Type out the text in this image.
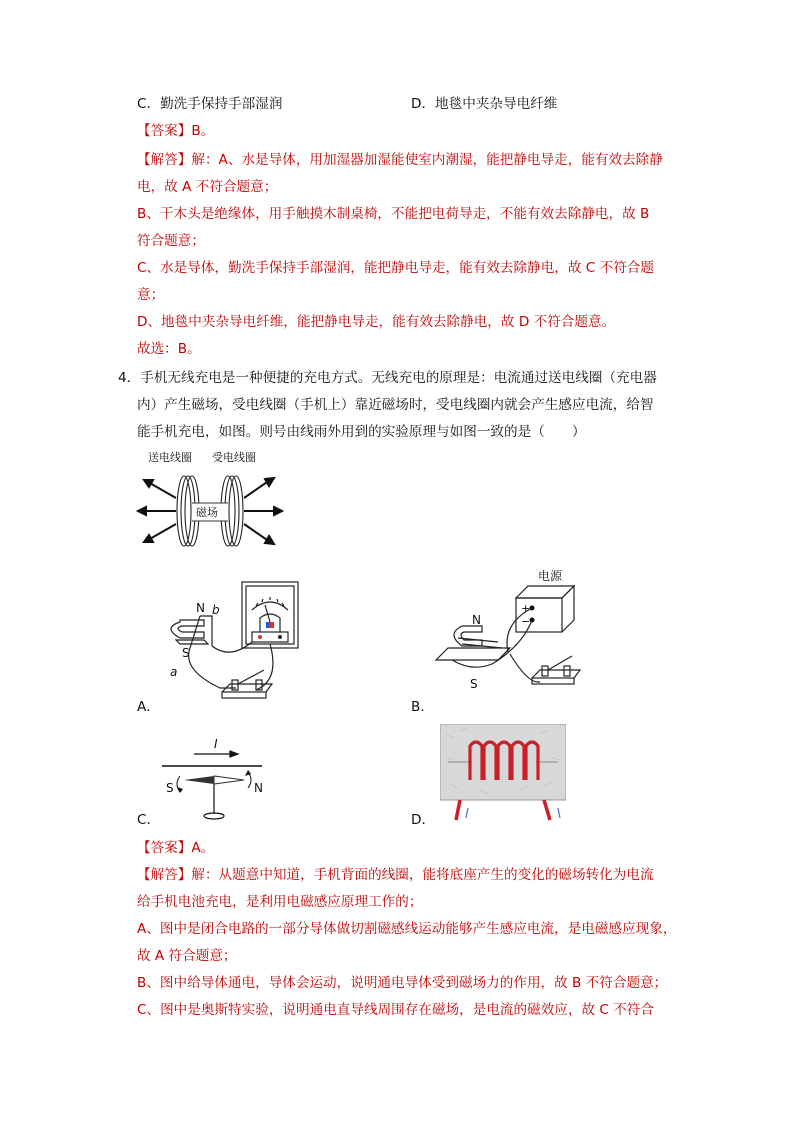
C．勤洗手保持手部湿润	D．地毯中夹杂导电纤维
【答案】B。
【解答】解：A、水是导体，用加湿器加湿能使室内潮湿，能把静电导走，能有效去除静
电，故 A 不符合题意；
B、干木头是绝缘体，用手触摸木制桌椅，不能把电荷导走，不能有效去除静电，故 B
符合题意；
C、水是导体，勤洗手保持手部湿润，能把静电导走，能有效去除静电，故 C 不符合题
意；
D、地毯中夹杂导电纤维，能把静电导走，能有效去除静电，故 D 不符合题意。
故选：B。
4．手机无线充电是一种便捷的充电方式。无线充电的原理是：电流通过送电线圈（充电器
内）产生磁场，受电线圈（手机上）靠近磁场时，受电线圈内就会产生感应电流，给智
能手机充电，如图。则号由线雨外用到的实验原理与如图一致的是（　　）
送电线圈 受电线圈
磁场
N
S
b
a
A．
电源
+
−
N
S
B．
I
S	N
C．	D．
【答案】A。
【解答】解：从题意中知道，手机背面的线圈，能将底座产生的变化的磁场转化为电流
给手机电池充电，是利用电磁感应原理工作的；
A、图中是闭合电路的一部分导体做切割磁感线运动能够产生感应电流，是电磁感应现象，
故 A 符合题意；
B、图中给导体通电，导体会运动，说明通电导体受到磁场力的作用，故 B 不符合题意；
C、图中是奥斯特实验，说明通电直导线周围存在磁场，是电流的磁效应，故 C 不符合
